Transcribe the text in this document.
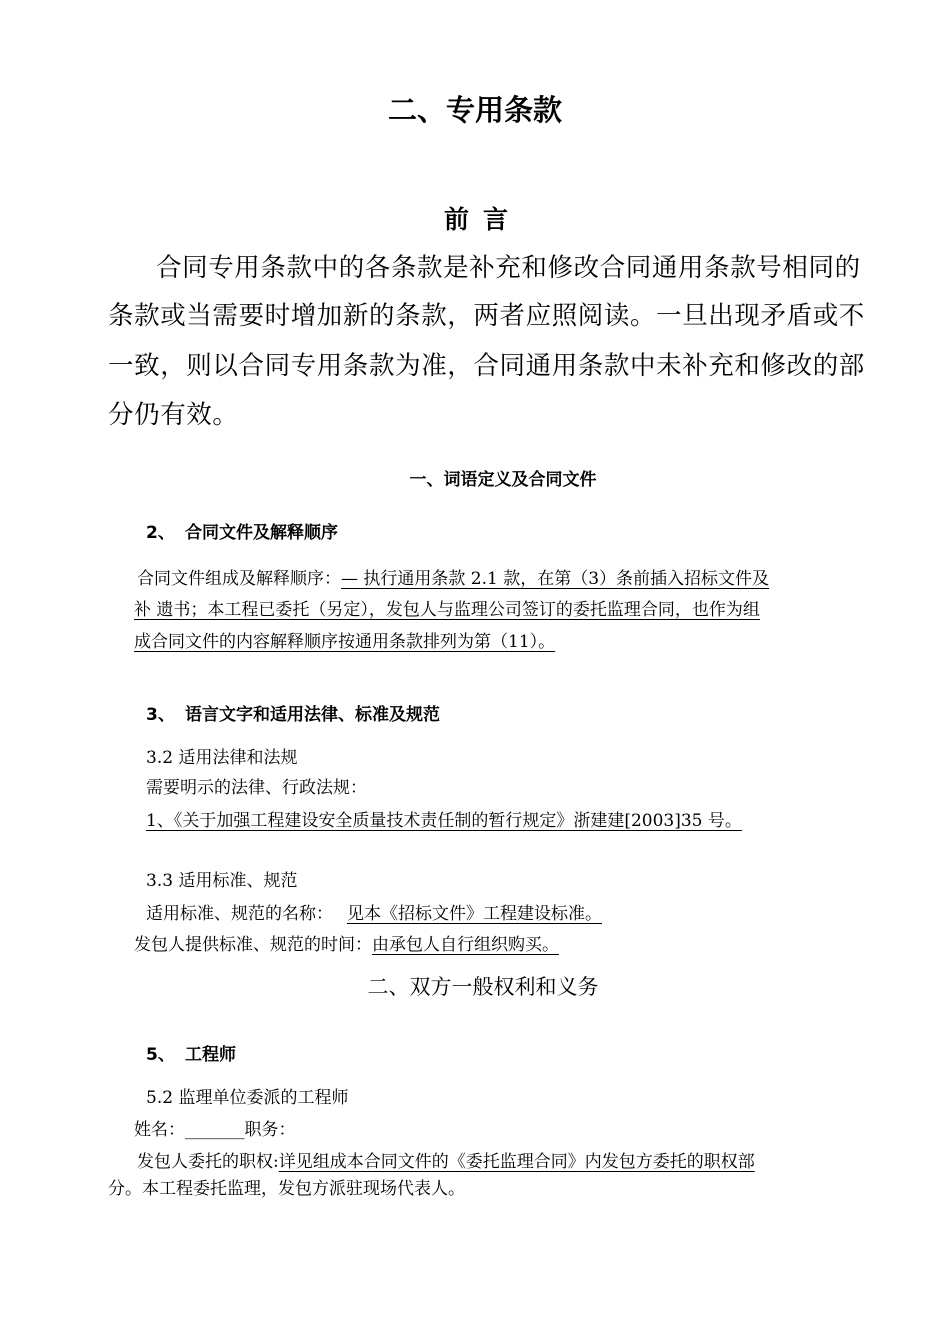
二、专用条款
前言
合同专用条款中的各条款是补充和修改合同通用条款号相同的
条款或当需要时增加新的条款，两者应照阅读。一旦出现矛盾或不
一致，则以合同专用条款为准，合同通用条款中未补充和修改的部
分仍有效。
一、词语定义及合同文件
2、 合同文件及解释顺序
合同文件组成及解释顺序：— 执行通用条款 2.1 款，在第（3）条前插入招标文件及
补 遗书；本工程已委托（另定），发包人与监理公司签订的委托监理合同，也作为组
成合同文件的内容解释顺序按通用条款排列为第（11）。
3、 语言文字和适用法律、标准及规范
3.2 适用法律和法规
需要明示的法律、行政法规：
1、《关于加强工程建设安全质量技术责任制的暂行规定》浙建建[2003]35 号。
3.3 适用标准、规范
适用标准、规范的名称： 见本《招标文件》工程建设标准。
发包人提供标准、规范的时间：由承包人自行组织购买。
二、双方一般权利和义务
5、 工程师
5.2 监理单位委派的工程师
姓名：_______职务：
发包人委托的职权:详见组成本合同文件的《委托监理合同》内发包方委托的职权部
分。本工程委托监理，发包方派驻现场代表人。
